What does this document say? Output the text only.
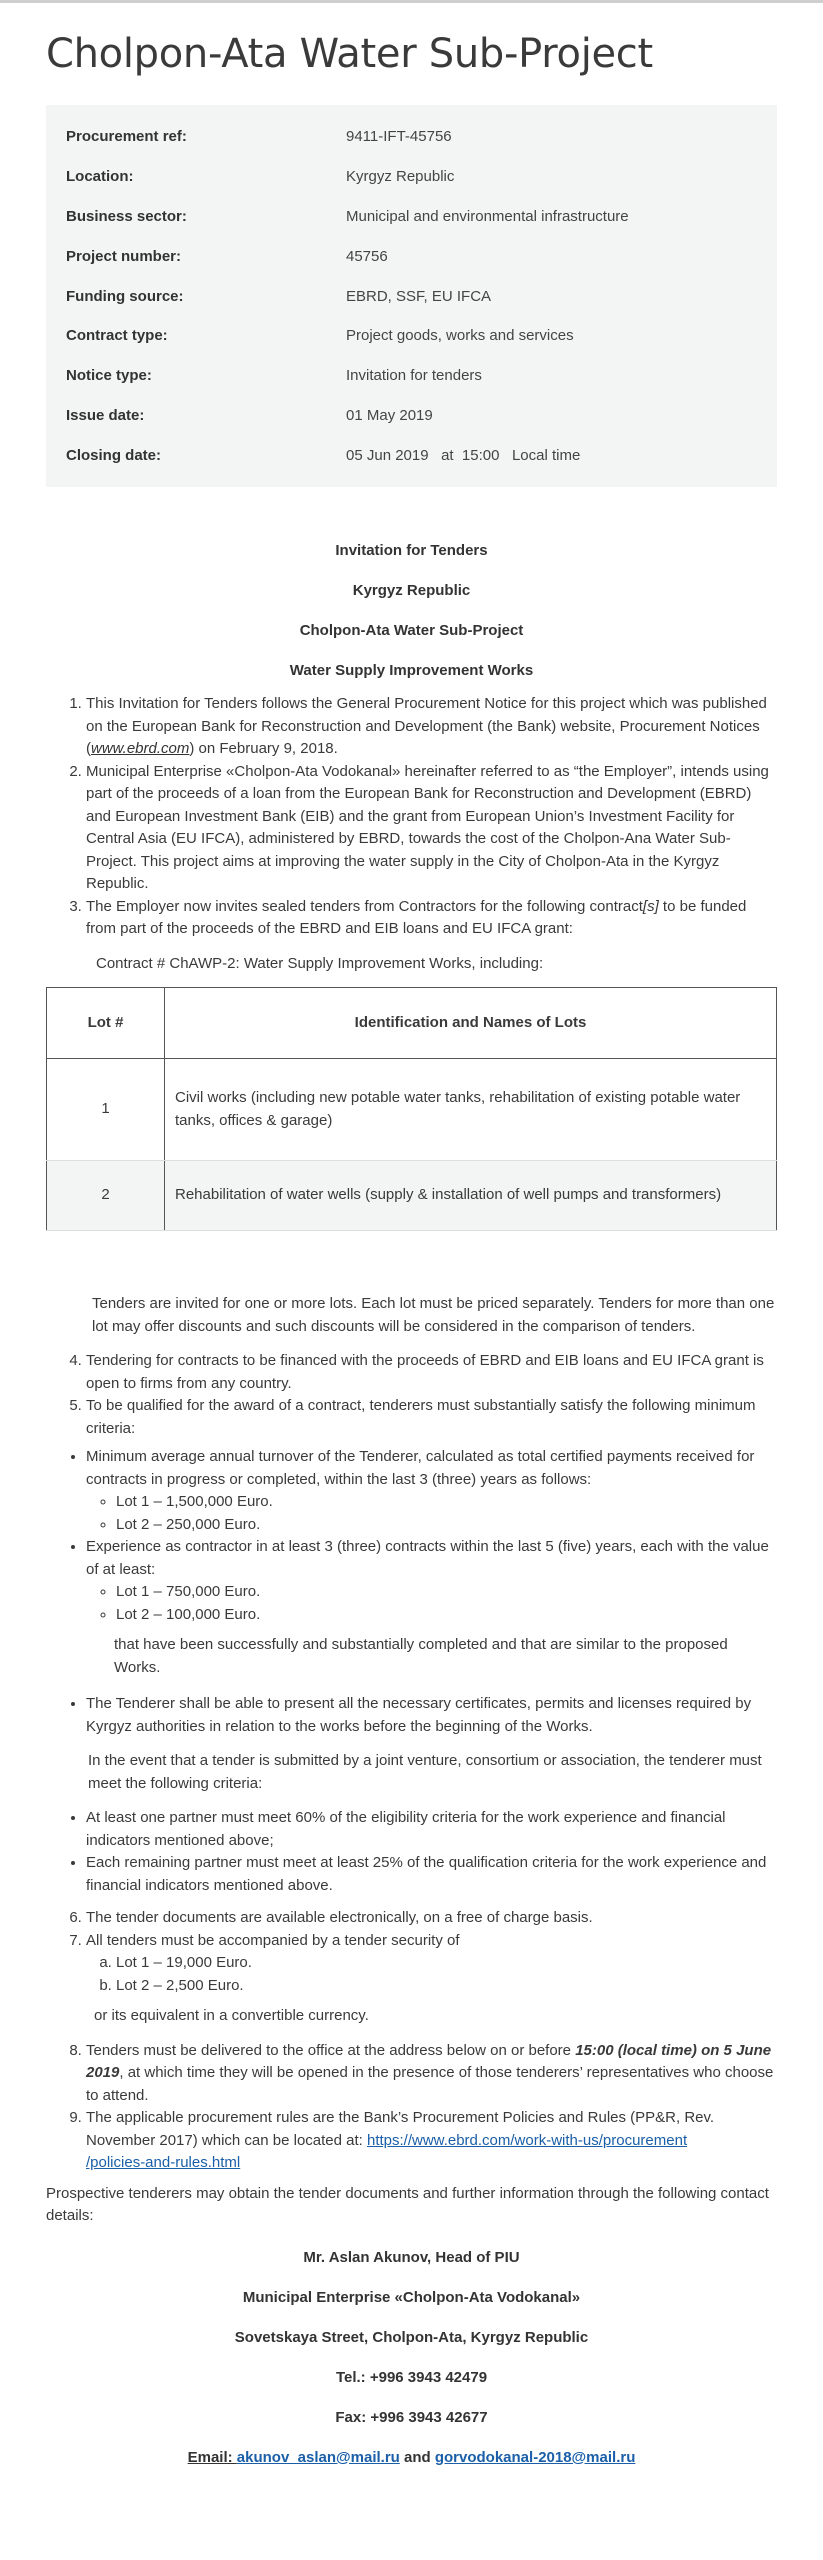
Cholpon-Ata Water Sub-Project
Procurement ref:	9411-IFT-45756
Location:	Kyrgyz Republic
Business sector:	Municipal and environmental infrastructure
Project number:	45756
Funding source:	EBRD, SSF, EU IFCA
Contract type:	Project goods, works and services
Notice type:	Invitation for tenders
Issue date:	01 May 2019
Closing date:	05 Jun 2019   at  15:00   Local time
Invitation for Tenders
Kyrgyz Republic
Cholpon-Ata Water Sub-Project
Water Supply Improvement Works
1. This Invitation for Tenders follows the General Procurement Notice for this project which was published on the European Bank for Reconstruction and Development (the Bank) website, Procurement Notices (www.ebrd.com) on February 9, 2018.
2. Municipal Enterprise «Cholpon-Ata Vodokanal» hereinafter referred to as “the Employer”, intends using part of the proceeds of a loan from the European Bank for Reconstruction and Development (EBRD) and European Investment Bank (EIB) and the grant from European Union’s Investment Facility for Central Asia (EU IFCA), administered by EBRD, towards the cost of the Cholpon-Ana Water Sub-Project. This project aims at improving the water supply in the City of Cholpon-Ata in the Kyrgyz Republic.
3. The Employer now invites sealed tenders from Contractors for the following contract[s] to be funded from part of the proceeds of the EBRD and EIB loans and EU IFCA grant:
Contract # ChAWP-2: Water Supply Improvement Works, including:
Lot #	Identification and Names of Lots
1	Civil works (including new potable water tanks, rehabilitation of existing potable water tanks, offices & garage)
2	Rehabilitation of water wells (supply & installation of well pumps and transformers)
Tenders are invited for one or more lots. Each lot must be priced separately. Tenders for more than one lot may offer discounts and such discounts will be considered in the comparison of tenders.
4. Tendering for contracts to be financed with the proceeds of EBRD and EIB loans and EU IFCA grant is open to firms from any country.
5. To be qualified for the award of a contract, tenderers must substantially satisfy the following minimum criteria:
• Minimum average annual turnover of the Tenderer, calculated as total certified payments received for contracts in progress or completed, within the last 3 (three) years as follows:
◦ Lot 1 – 1,500,000 Euro.
◦ Lot 2 – 250,000 Euro.
• Experience as contractor in at least 3 (three) contracts within the last 5 (five) years, each with the value of at least:
◦ Lot 1 – 750,000 Euro.
◦ Lot 2 – 100,000 Euro.
that have been successfully and substantially completed and that are similar to the proposed Works.
• The Tenderer shall be able to present all the necessary certificates, permits and licenses required by Kyrgyz authorities in relation to the works before the beginning of the Works.
In the event that a tender is submitted by a joint venture, consortium or association, the tenderer must meet the following criteria:
• At least one partner must meet 60% of the eligibility criteria for the work experience and financial indicators mentioned above;
• Each remaining partner must meet at least 25% of the qualification criteria for the work experience and financial indicators mentioned above.
6. The tender documents are available electronically, on a free of charge basis.
7. All tenders must be accompanied by a tender security of
a. Lot 1 – 19,000 Euro.
b. Lot 2 – 2,500 Euro.
or its equivalent in a convertible currency.
8. Tenders must be delivered to the office at the address below on or before 15:00 (local time) on 5 June 2019, at which time they will be opened in the presence of those tenderers’ representatives who choose to attend.
9. The applicable procurement rules are the Bank’s Procurement Policies and Rules (PP&R, Rev. November 2017) which can be located at: https://www.ebrd.com/work-with-us/procurement
/policies-and-rules.html
Prospective tenderers may obtain the tender documents and further information through the following contact details:
Mr. Aslan Akunov, Head of PIU
Municipal Enterprise «Cholpon-Ata Vodokanal»
Sovetskaya Street, Cholpon-Ata, Kyrgyz Republic
Tel.: +996 3943 42479
Fax: +996 3943 42677
Email: akunov_aslan@mail.ru and gorvodokanal-2018@mail.ru
